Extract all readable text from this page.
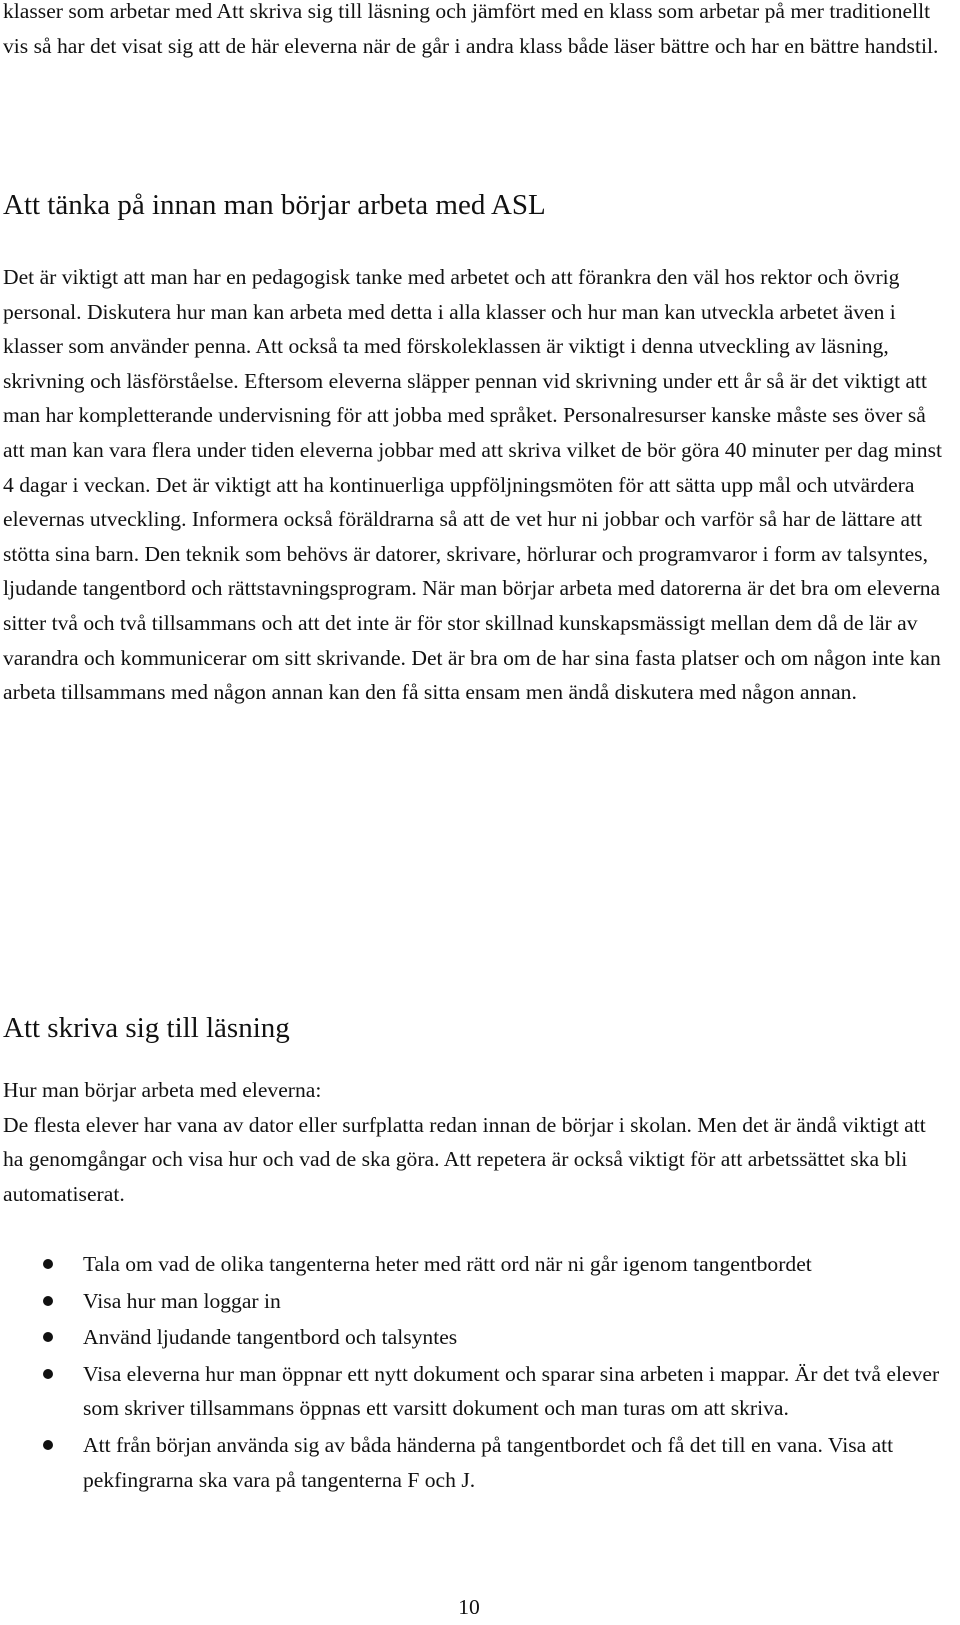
klasser som arbetar med Att skriva sig till läsning och jämfört med en klass som arbetar på mer traditionellt vis så har det visat sig att de här eleverna när de går i andra klass både läser bättre och har en bättre handstil.

Att tänka på innan man börjar arbeta med ASL

Det är viktigt att man har en pedagogisk tanke med arbetet och att förankra den väl hos rektor och övrig personal. Diskutera hur man kan arbeta med detta i alla klasser och hur man kan utveckla arbetet även i klasser som använder penna. Att också ta med förskoleklassen är viktigt i denna utveckling av läsning, skrivning och läsförståelse. Eftersom eleverna släpper pennan vid skrivning under ett år så är det viktigt att man har kompletterande undervisning för att jobba med språket. Personalresurser kanske måste ses över så att man kan vara flera under tiden eleverna jobbar med att skriva vilket de bör göra 40 minuter per dag minst 4 dagar i veckan. Det är viktigt att ha kontinuerliga uppföljningsmöten för att sätta upp mål och utvärdera elevernas utveckling. Informera också föräldrarna så att de vet hur ni jobbar och varför så har de lättare att stötta sina barn. Den teknik som behövs är datorer, skrivare, hörlurar och programvaror i form av talsyntes, ljudande tangentbord och rättstavningsprogram. När man börjar arbeta med datorerna är det bra om eleverna sitter två och två tillsammans och att det inte är för stor skillnad kunskapsmässigt mellan dem då de lär av varandra och kommunicerar om sitt skrivande. Det är bra om de har sina fasta platser och om någon inte kan arbeta tillsammans med någon annan kan den få sitta ensam men ändå diskutera med någon annan.

Att skriva sig till läsning

Hur man börjar arbeta med eleverna:

De flesta elever har vana av dator eller surfplatta redan innan de börjar i skolan. Men det är ändå viktigt att ha genomgångar och visa hur och vad de ska göra. Att repetera är också viktigt för att arbetssättet ska bli automatiserat.

Tala om vad de olika tangenterna heter med rätt ord när ni går igenom tangentbordet
Visa hur man loggar in
Använd ljudande tangentbord och talsyntes
Visa eleverna hur man öppnar ett nytt dokument och sparar sina arbeten i mappar. Är det två elever som skriver tillsammans öppnas ett varsitt dokument och man turas om att skriva.
Att från början använda sig av båda händerna på tangentbordet och få det till en vana. Visa att pekfingrarna ska vara på tangenterna F och J.
10
